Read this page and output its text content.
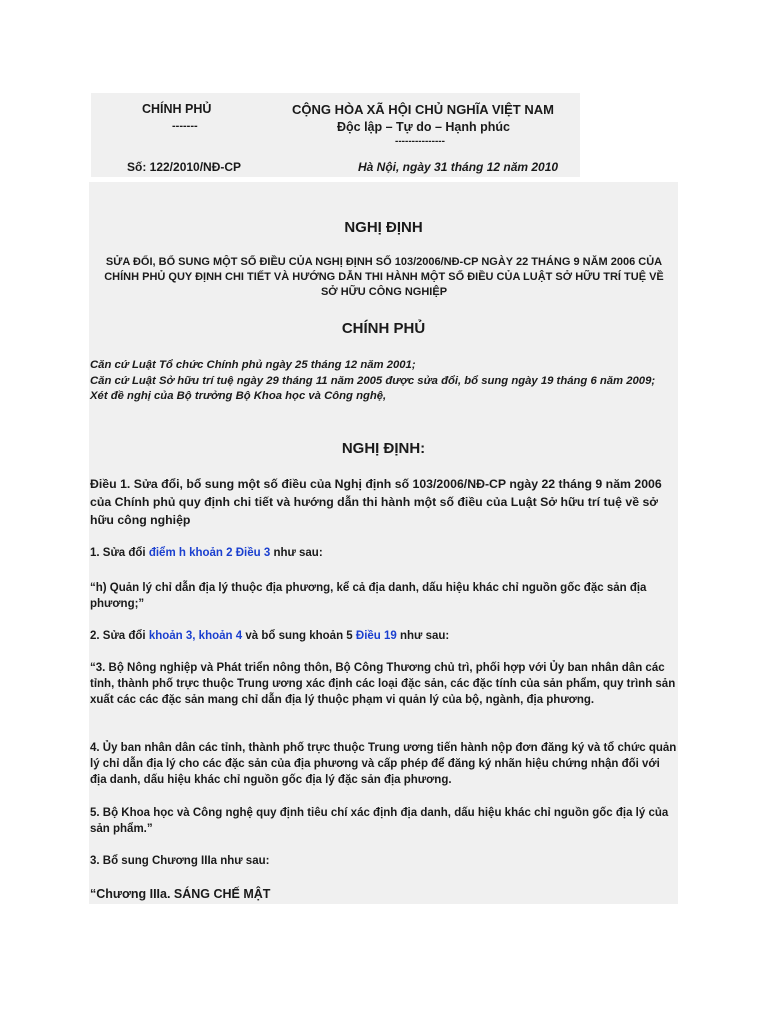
CHÍNH PHỦ
-------
CỘNG HÒA XÃ HỘI CHỦ NGHĨA VIỆT NAM
Độc lập – Tự do – Hạnh phúc
---------------
Số: 122/2010/NĐ-CP	Hà Nội, ngày 31 tháng 12 năm 2010
NGHỊ ĐỊNH
SỬA ĐỔI, BỔ SUNG MỘT SỐ ĐIỀU CỦA NGHỊ ĐỊNH SỐ 103/2006/NĐ-CP NGÀY 22 THÁNG 9 NĂM 2006 CỦA CHÍNH PHỦ QUY ĐỊNH CHI TIẾT VÀ HƯỚNG DẪN THI HÀNH MỘT SỐ ĐIỀU CỦA LUẬT SỞ HỮU TRÍ TUỆ VỀ SỞ HỮU CÔNG NGHIỆP
CHÍNH PHỦ
Căn cứ Luật Tổ chức Chính phủ ngày 25 tháng 12 năm 2001;
Căn cứ Luật Sở hữu trí tuệ ngày 29 tháng 11 năm 2005 được sửa đổi, bổ sung ngày 19 tháng 6 năm 2009;
Xét đề nghị của Bộ trưởng Bộ Khoa học và Công nghệ,
NGHỊ ĐỊNH:
Điều 1. Sửa đổi, bổ sung một số điều của Nghị định số 103/2006/NĐ-CP ngày 22 tháng 9 năm 2006 của Chính phủ quy định chi tiết và hướng dẫn thi hành một số điều của Luật Sở hữu trí tuệ về sở hữu công nghiệp
1. Sửa đổi điểm h khoản 2 Điều 3 như sau:
“h) Quản lý chỉ dẫn địa lý thuộc địa phương, kể cả địa danh, dấu hiệu khác chỉ nguồn gốc đặc sản địa phương;”
2. Sửa đổi khoản 3, khoản 4 và bổ sung khoản 5 Điều 19 như sau:
“3. Bộ Nông nghiệp và Phát triển nông thôn, Bộ Công Thương chủ trì, phối hợp với Ủy ban nhân dân các tỉnh, thành phố trực thuộc Trung ương xác định các loại đặc sản, các đặc tính của sản phẩm, quy trình sản xuất các các đặc sản mang chỉ dẫn địa lý thuộc phạm vi quản lý của bộ, ngành, địa phương.
4. Ủy ban nhân dân các tỉnh, thành phố trực thuộc Trung ương tiến hành nộp đơn đăng ký và tổ chức quản lý chỉ dẫn địa lý cho các đặc sản của địa phương và cấp phép để đăng ký nhãn hiệu chứng nhận đối với địa danh, dấu hiệu khác chỉ nguồn gốc địa lý đặc sản địa phương.
5. Bộ Khoa học và Công nghệ quy định tiêu chí xác định địa danh, dấu hiệu khác chỉ nguồn gốc địa lý của sản phẩm.”
3. Bổ sung Chương IIIa như sau:
“Chương IIIa. SÁNG CHẾ MẬT
